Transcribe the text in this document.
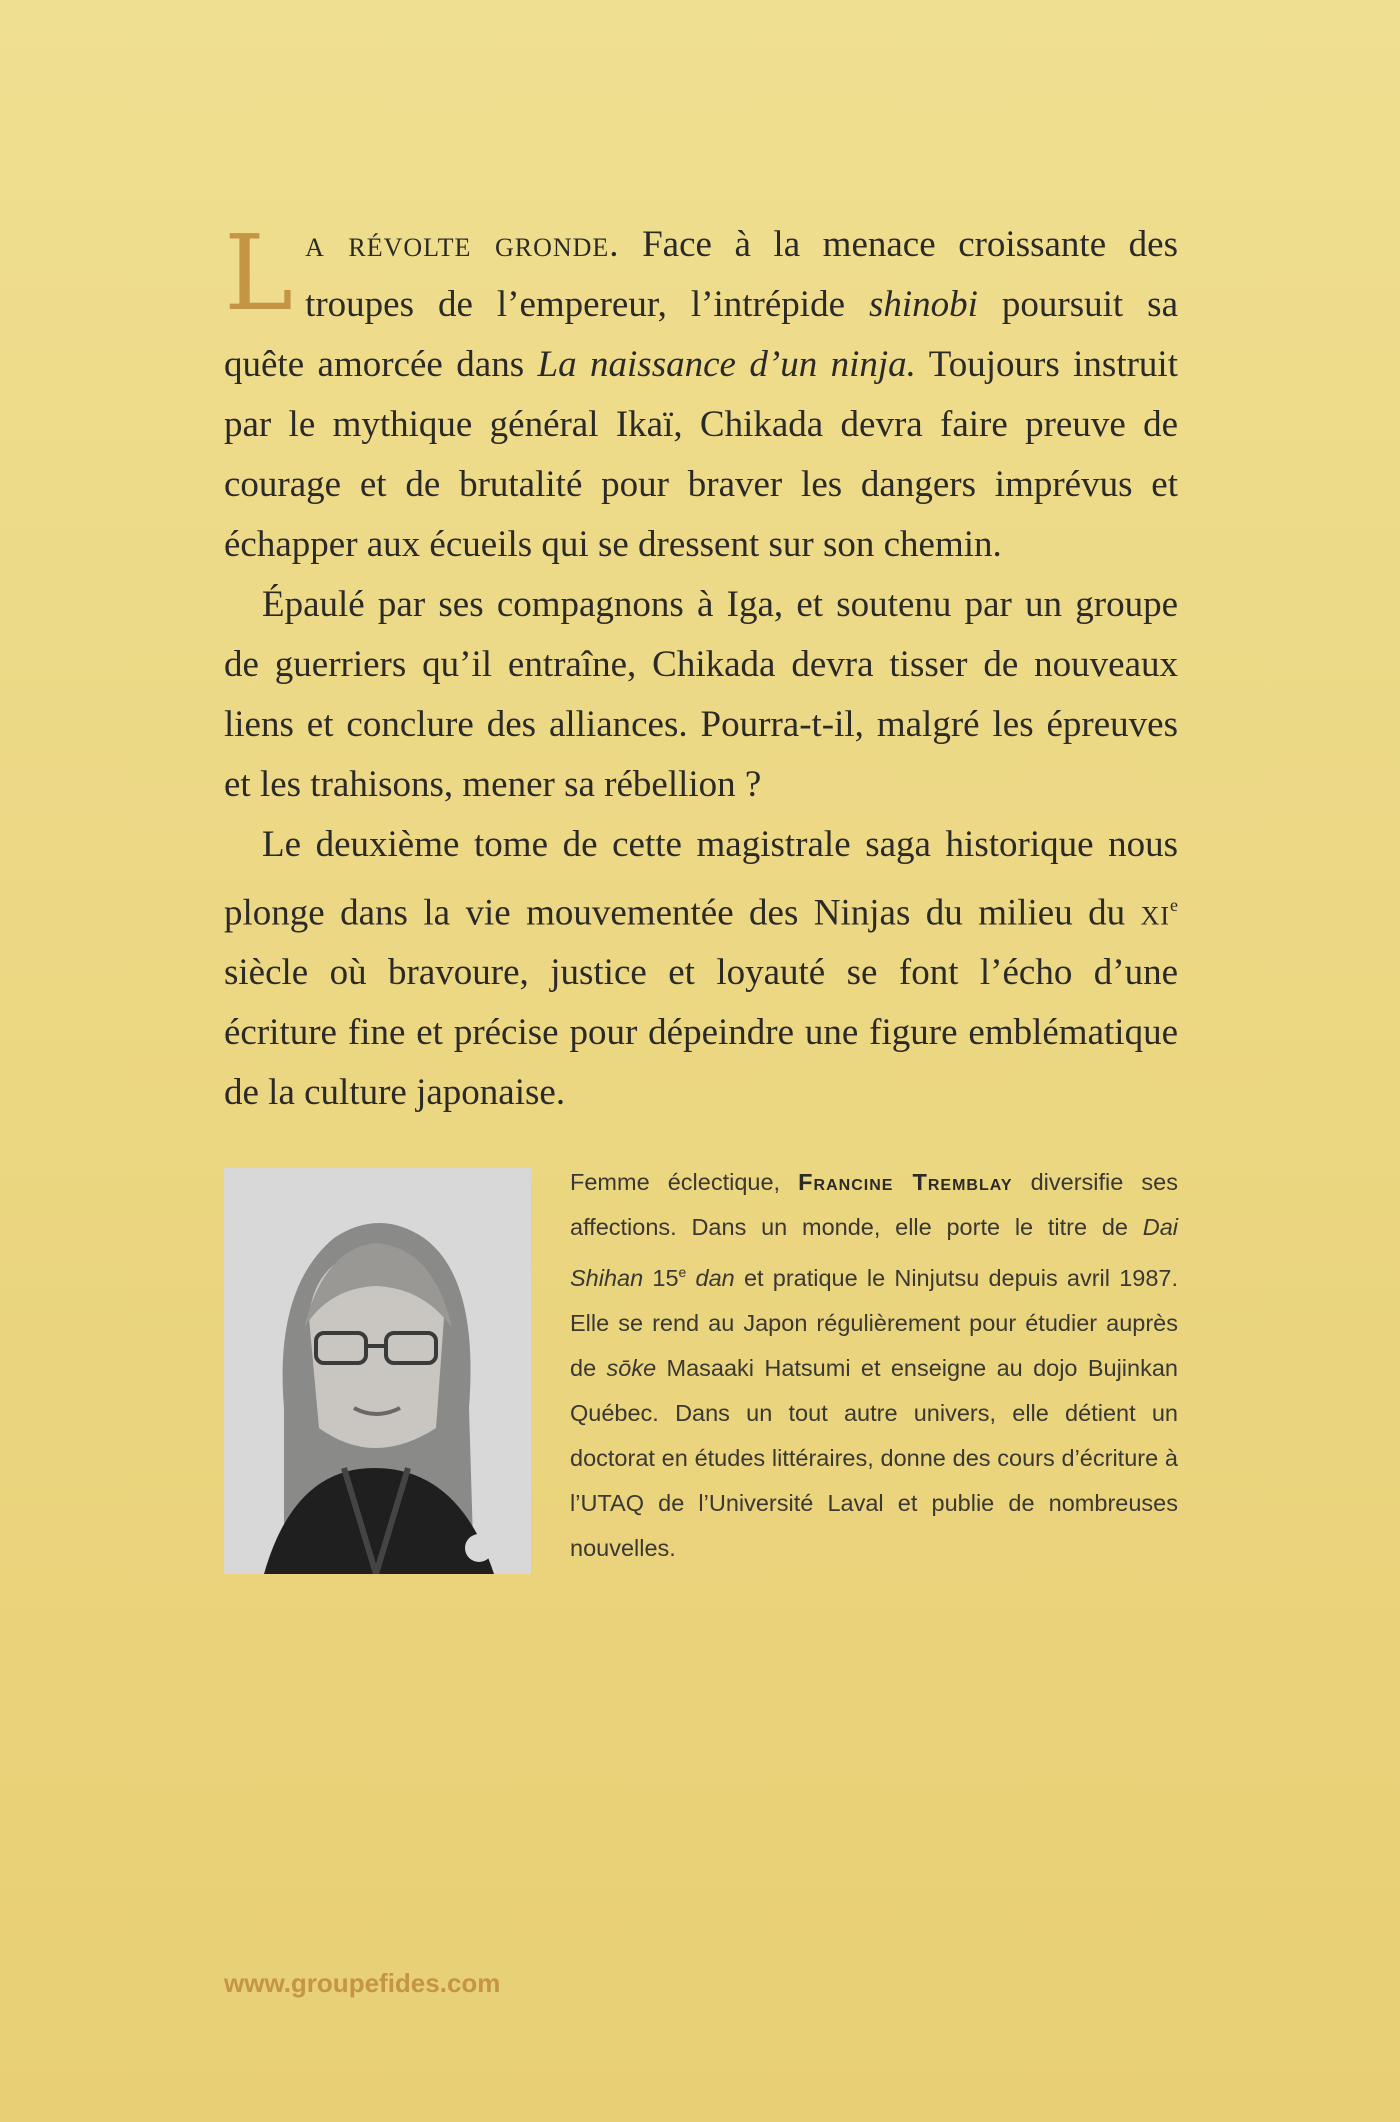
La révolte gronde. Face à la menace croissante des troupes de l’empereur, l’intrépide shinobi poursuit sa quête amorcée dans La naissance d’un ninja. Toujours instruit par le mythique général Ikaï, Chikada devra faire preuve de courage et de brutalité pour braver les dangers imprévus et échapper aux écueils qui se dressent sur son chemin.

Épaulé par ses compagnons à Iga, et soutenu par un groupe de guerriers qu’il entraîne, Chikada devra tisser de nouveaux liens et conclure des alliances. Pourra-t-il, malgré les épreuves et les trahisons, mener sa rébellion ?

Le deuxième tome de cette magistrale saga historique nous plonge dans la vie mouvementée des Ninjas du milieu du $xi^e$ siècle où bravoure, justice et loyauté se font l’écho d’une écriture fine et précise pour dépeindre une figure emblématique de la culture japonaise.

Femme éclectique, Francine Tremblay diversifie ses affections. Dans un monde, elle porte le titre de Dai Shihan 15e dan et pratique le Ninjutsu depuis avril 1987. Elle se rend au Japon régulièrement pour étudier auprès de sōke Masaaki Hatsumi et enseigne au dojo Bujinkan Québec. Dans un tout autre univers, elle détient un doctorat en études littéraires, donne des cours d’écriture à l’UTAQ de l’Université Laval et publie de nombreuses nouvelles.

www.groupefides.com
